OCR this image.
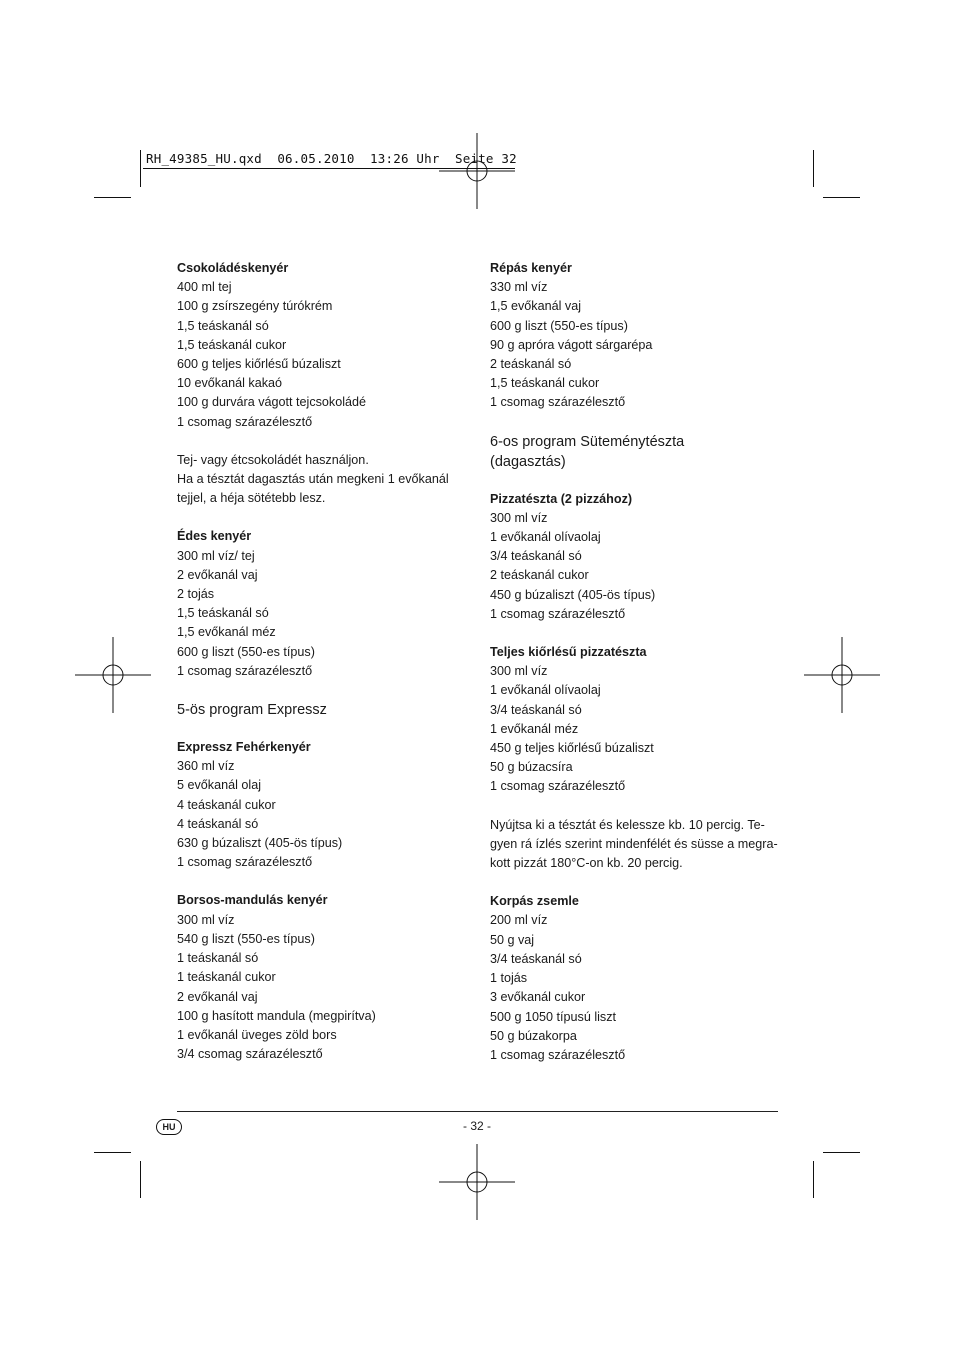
RH_49385_HU.qxd  06.05.2010  13:26 Uhr  Seite 32
Csokoládéskenyér
400 ml tej
100 g zsírszegény túrókrém
1,5 teáskanál só
1,5 teáskanál cukor
600 g teljes kiőrlésű búzaliszt
10 evőkanál kakaó
100 g durvára vágott tejcsokoládé
1 csomag szárazélesztő
Tej- vagy étcsokoládét használjon.
Ha a tésztát dagasztás után megkeni 1 evőkanál
tejjel, a héja sötétebb lesz.
Édes kenyér
300 ml víz/ tej
2 evőkanál vaj
2 tojás
1,5 teáskanál só
1,5 evőkanál méz
600 g liszt (550-es típus)
1 csomag szárazélesztő
5-ös program Expressz
Expressz Fehérkenyér
360 ml víz
5 evőkanál olaj
4 teáskanál cukor
4 teáskanál só
630 g búzaliszt (405-ös típus)
1 csomag szárazélesztő
Borsos-mandulás kenyér
300 ml víz
540 g liszt (550-es típus)
1 teáskanál só
1 teáskanál cukor
2 evőkanál vaj
100 g hasított mandula (megpirítva)
1 evőkanál üveges zöld bors
3/4 csomag szárazélesztő
Répás kenyér
330 ml víz
1,5 evőkanál vaj
600 g liszt (550-es típus)
90 g apróra vágott sárgarépa
2 teáskanál só
1,5 teáskanál cukor
1 csomag szárazélesztő
6-os program Süteménytészta
(dagasztás)
Pizzatészta (2 pizzához)
300 ml víz
1 evőkanál olívaolaj
3/4 teáskanál só
2 teáskanál cukor
450 g búzaliszt (405-ös típus)
1 csomag szárazélesztő
Teljes kiőrlésű pizzatészta
300 ml víz
1 evőkanál olívaolaj
3/4 teáskanál só
1 evőkanál méz
450 g teljes kiőrlésű búzaliszt
50 g búzacsíra
1 csomag szárazélesztő
Nyújtsa ki a tésztát és kelessze kb. 10 percig. Te-
gyen rá ízlés szerint mindenfélét és süsse a megra-
kott pizzát 180°C-on kb. 20 percig.
Korpás zsemle
200 ml víz
50 g vaj
3/4 teáskanál só
1 tojás
3 evőkanál cukor
500 g 1050 típusú liszt
50 g búzakorpa
1 csomag szárazélesztő
HU	- 32 -
